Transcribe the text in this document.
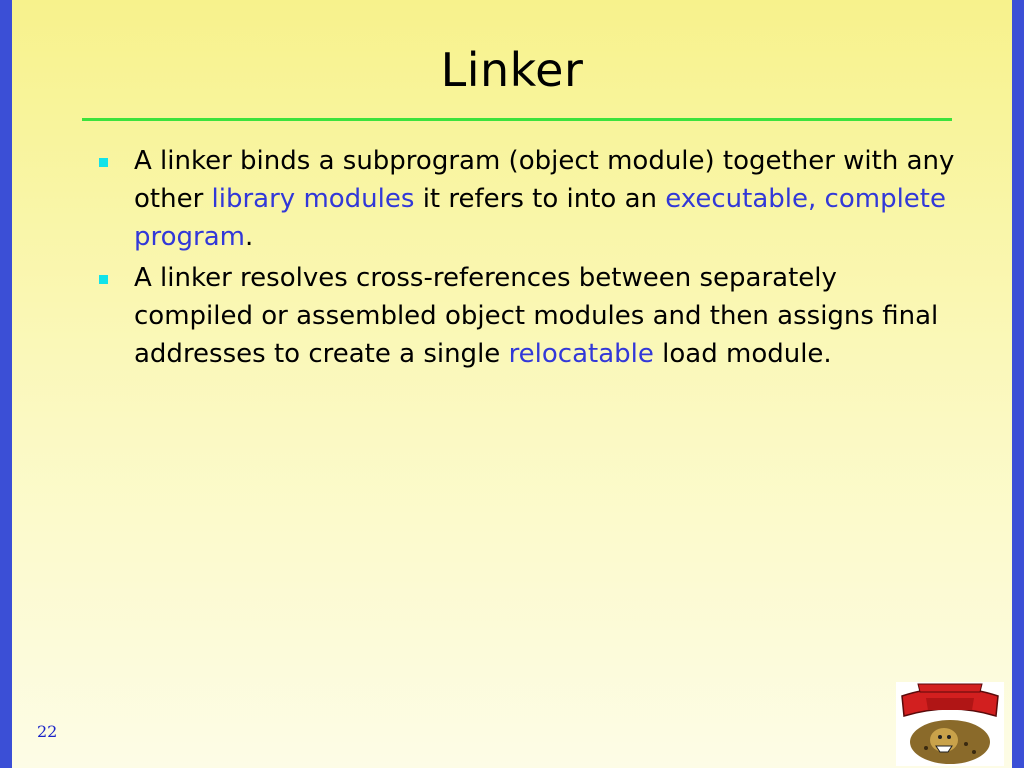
Linker
A linker binds a subprogram (object module) together with any other library modules it refers to into an executable, complete program.
A linker resolves cross-references between separately compiled or assembled object modules and then assigns final addresses to create a single relocatable load module.
22
